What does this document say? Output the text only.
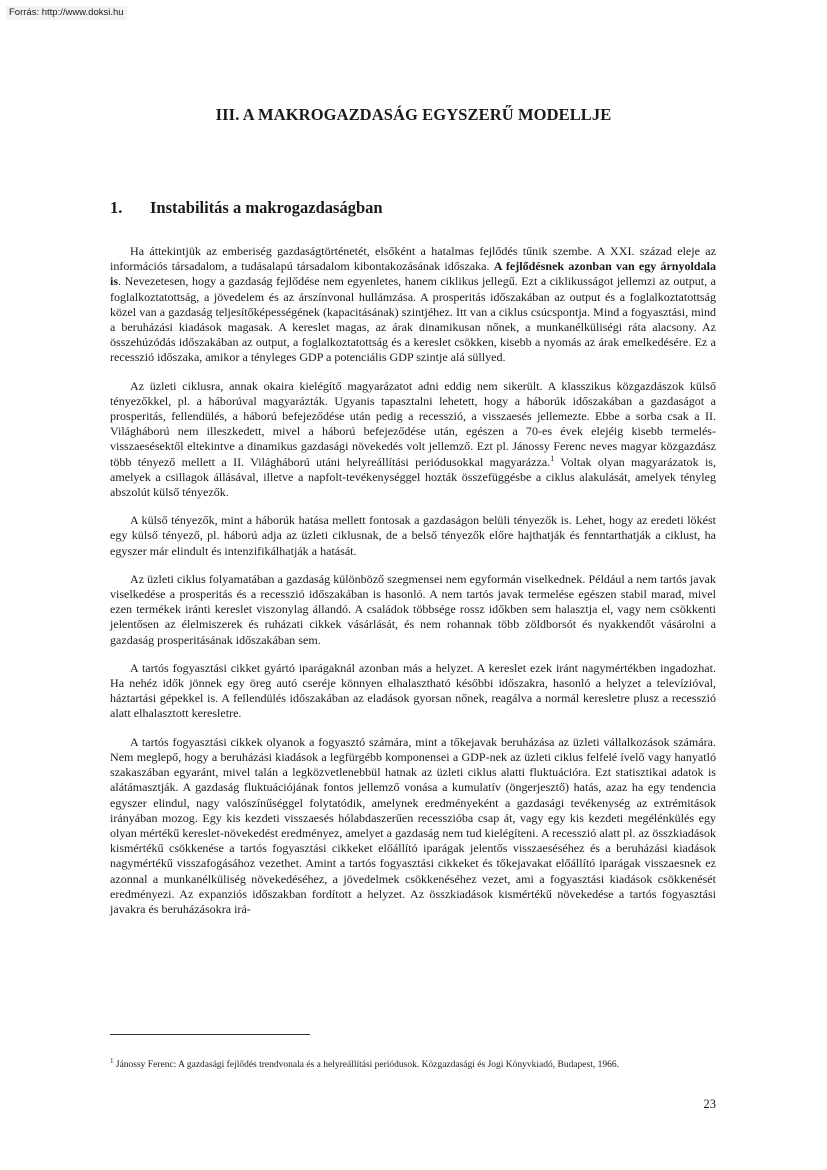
Forrás: http://www.doksi.hu
III. A MAKROGAZDASÁG EGYSZERŰ MODELLJE
1. Instabilitás a makrogazdaságban

Ha áttekintjük az emberiség gazdaságtörténetét, elsőként a hatalmas fejlődés tűnik szembe. A XXI. század eleje az információs társadalom, a tudásalapú társadalom kibontakozásának időszaka. A fejlődésnek azonban van egy árnyoldala is. Nevezetesen, hogy a gazdaság fejlődése nem egyenletes, hanem ciklikus jellegű. Ezt a ciklikusságot jellemzi az output, a foglalkoztatottság, a jövedelem és az árszínvonal hullámzása. A prosperitás időszakában az output és a foglalkoztatottság közel van a gazdaság teljesítőképességének (kapacitásának) szintjéhez. Itt van a ciklus csúcspontja. Mind a fogyasztási, mind a beruházási kiadások magasak. A kereslet magas, az árak dinamikusan nőnek, a munkanélküliségi ráta alacsony. Az összehúzódás időszakában az output, a foglalkoztatottság és a kereslet csökken, kisebb a nyomás az árak emelkedésére. Ez a recesszió időszaka, amikor a tényleges GDP a potenciális GDP szintje alá süllyed.

Az üzleti ciklusra, annak okaira kielégítő magyarázatot adni eddig nem sikerült. A klasszikus közgazdászok külső tényezőkkel, pl. a háborúval magyarázták. Ugyanis tapasztalni lehetett, hogy a háborúk időszakában a gazdaságot a prosperitás, fellendülés, a háború befejeződése után pedig a recesszió, a visszaesés jellemezte. Ebbe a sorba csak a II. Világháború nem illeszkedett, mivel a háború befejeződése után, egészen a 70-es évek elejéig kisebb termelés-visszaesésektől eltekintve a dinamikus gazdasági növekedés volt jellemző. Ezt pl. Jánossy Ferenc neves magyar közgazdász több tényező mellett a II. Világháború utáni helyreállítási periódusokkal magyarázza.$^1$ Voltak olyan magyarázatok is, amelyek a csillagok állásával, illetve a napfolt-tevékenységgel hozták összefüggésbe a ciklus alakulását, amelyek tényleg abszolút külső tényezők.

A külső tényezők, mint a háborúk hatása mellett fontosak a gazdaságon belüli tényezők is. Lehet, hogy az eredeti lökést egy külső tényező, pl. háború adja az üzleti ciklusnak, de a belső tényezők előre hajthatják és fenntarthatják a ciklust, ha egyszer már elindult és intenzifikálhatják a hatását.

Az üzleti ciklus folyamatában a gazdaság különböző szegmensei nem egyformán viselkednek. Például a nem tartós javak viselkedése a prosperitás és a recesszió időszakában is hasonló. A nem tartós javak termelése egészen stabil marad, mivel ezen termékek iránti kereslet viszonylag állandó. A családok többsége rossz időkben sem halasztja el, vagy nem csökkenti jelentősen az élelmiszerek és ruházati cikkek vásárlását, és nem rohannak több zöldborsót és nyakkendőt vásárolni a gazdaság prosperitásának időszakában sem.

A tartós fogyasztási cikket gyártó iparágaknál azonban más a helyzet. A kereslet ezek iránt nagymértékben ingadozhat. Ha nehéz idők jönnek egy öreg autó cseréje könnyen elhalasztható későbbi időszakra, hasonló a helyzet a televízióval, háztartási gépekkel is. A fellendülés időszakában az eladások gyorsan nőnek, reagálva a normál keresletre plusz a recesszió alatt elhalasztott keresletre.

A tartós fogyasztási cikkek olyanok a fogyasztó számára, mint a tőkejavak beruházása az üzleti vállalkozások számára. Nem meglepő, hogy a beruházási kiadások a legfürgébb komponensei a GDP-nek az üzleti ciklus felfelé ívelő vagy hanyatló szakaszában egyaránt, mivel talán a legközvetlenebbül hatnak az üzleti ciklus alatti fluktuációra. Ezt statisztikai adatok is alátámasztják. A gazdaság fluktuációjának fontos jellemző vonása a kumulatív (öngerjesztő) hatás, azaz ha egy tendencia egyszer elindul, nagy valószínűséggel folytatódik, amelynek eredményeként a gazdasági tevékenység az extrémitások irányában mozog. Egy kis kezdeti visszaesés hólabdaszerűen recesszióba csap át, vagy egy kis kezdeti megélénkülés egy olyan mértékű kereslet-növekedést eredményez, amelyet a gazdaság nem tud kielégíteni. A recesszió alatt pl. az összkiadások kismértékű csökkenése a tartós fogyasztási cikkeket előállító iparágak jelentős visszaeséséhez és a beruházási kiadások nagymértékű visszafogásához vezethet. Amint a tartós fogyasztási cikkeket és tőkejavakat előállító iparágak visszaesnek ez azonnal a munkanélküliség növekedéséhez, a jövedelmek csökkenéséhez vezet, ami a fogyasztási kiadások csökkenését eredményezi. Az expanziós időszakban fordított a helyzet. Az összkiadások kismértékű növekedése a tartós fogyasztási javakra és beruházásokra irá-

$^1$ Jánossy Ferenc: A gazdasági fejlődés trendvonala és a helyreállítási periódusok. Közgazdasági és Jogi Könyvkiadó, Budapest, 1966.
23
